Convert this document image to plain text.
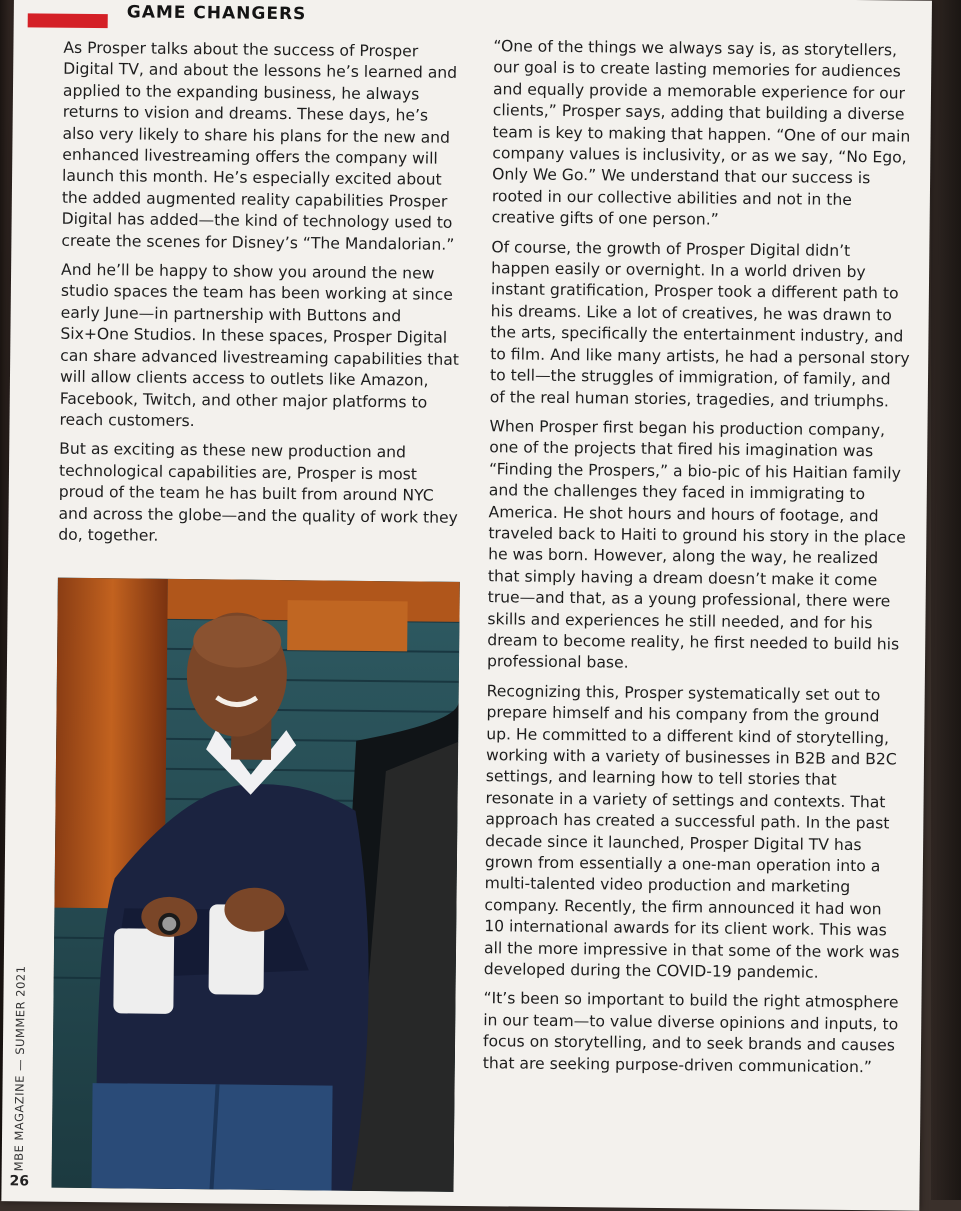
GAME CHANGERS

As Prosper talks about the success of Prosper Digital TV, and about the lessons he’s learned and applied to the expanding business, he always returns to vision and dreams. These days, he’s also very likely to share his plans for the new and enhanced livestreaming offers the company will launch this month. He’s especially excited about the added augmented reality capabilities Prosper Digital has added—the kind of technology used to create the scenes for Disney’s “The Mandalorian.”

And he’ll be happy to show you around the new studio spaces the team has been working at since early June—in partnership with Buttons and Six+One Studios. In these spaces, Prosper Digital can share advanced livestreaming capabilities that will allow clients access to outlets like Amazon, Facebook, Twitch, and other major platforms to reach customers.

But as exciting as these new production and technological capabilities are, Prosper is most proud of the team he has built from around NYC and across the globe—and the quality of work they do, together.

“One of the things we always say is, as storytellers, our goal is to create lasting memories for audiences and equally provide a memorable experience for our clients,” Prosper says, adding that building a diverse team is key to making that happen. “One of our main company values is inclusivity, or as we say, “No Ego, Only We Go.” We understand that our success is rooted in our collective abilities and not in the creative gifts of one person.”

Of course, the growth of Prosper Digital didn’t happen easily or overnight. In a world driven by instant gratification, Prosper took a different path to his dreams. Like a lot of creatives, he was drawn to the arts, specifically the entertainment industry, and to film. And like many artists, he had a personal story to tell—the struggles of immigration, of family, and of the real human stories, tragedies, and triumphs.

When Prosper first began his production company, one of the projects that fired his imagination was “Finding the Prospers,” a bio-pic of his Haitian family and the challenges they faced in immigrating to America. He shot hours and hours of footage, and traveled back to Haiti to ground his story in the place he was born. However, along the way, he realized that simply having a dream doesn’t make it come true—and that, as a young professional, there were skills and experiences he still needed, and for his dream to become reality, he first needed to build his professional base.

Recognizing this, Prosper systematically set out to prepare himself and his company from the ground up. He committed to a different kind of storytelling, working with a variety of businesses in B2B and B2C settings, and learning how to tell stories that resonate in a variety of settings and contexts. That approach has created a successful path. In the past decade since it launched, Prosper Digital TV has grown from essentially a one-man operation into a multi-talented video production and marketing company. Recently, the firm announced it had won 10 international awards for its client work. This was all the more impressive in that some of the work was developed during the COVID-19 pandemic.

“It’s been so important to build the right atmosphere in our team—to value diverse opinions and inputs, to focus on storytelling, and to seek brands and causes that are seeking purpose-driven communication.”

MBE MAGAZINE — SUMMER 2021
26
